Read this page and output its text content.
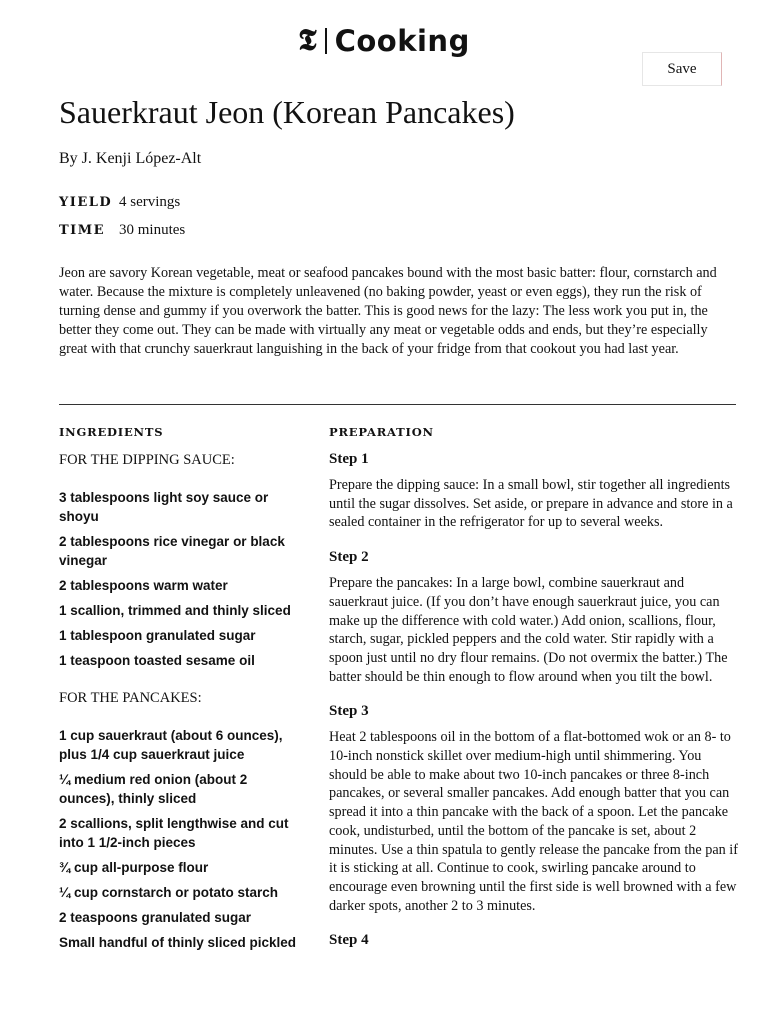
𝕿 Cooking
Save
Sauerkraut Jeon (Korean Pancakes)
By J. Kenji López-Alt
YIELD 4 servings
TIME 30 minutes

Jeon are savory Korean vegetable, meat or seafood pancakes bound with the most basic batter: flour, cornstarch and water. Because the mixture is completely unleavened (no baking powder, yeast or even eggs), they run the risk of turning dense and gummy if you overwork the batter. This is good news for the lazy: The less work you put in, the better they come out. They can be made with virtually any meat or vegetable odds and ends, but they’re especially great with that crunchy sauerkraut languishing in the back of your fridge from that cookout you had last year.

INGREDIENTS	PREPARATION
FOR THE DIPPING SAUCE:
3 tablespoons light soy sauce or shoyu
2 tablespoons rice vinegar or black vinegar
2 tablespoons warm water
1 scallion, trimmed and thinly sliced
1 tablespoon granulated sugar
1 teaspoon toasted sesame oil
FOR THE PANCAKES:
1 cup sauerkraut (about 6 ounces), plus 1/4 cup sauerkraut juice
¼ medium red onion (about 2 ounces), thinly sliced
2 scallions, split lengthwise and cut into 1 1/2-inch pieces
¾ cup all-purpose flour
¼ cup cornstarch or potato starch
2 teaspoons granulated sugar
Small handful of thinly sliced pickled
Step 1

Prepare the dipping sauce: In a small bowl, stir together all ingredients until the sugar dissolves. Set aside, or prepare in advance and store in a sealed container in the refrigerator for up to several weeks.

Step 2

Prepare the pancakes: In a large bowl, combine sauerkraut and sauerkraut juice. (If you don’t have enough sauerkraut juice, you can make up the difference with cold water.) Add onion, scallions, flour, starch, sugar, pickled peppers and the cold water. Stir rapidly with a spoon just until no dry flour remains. (Do not overmix the batter.) The batter should be thin enough to flow around when you tilt the bowl.

Step 3

Heat 2 tablespoons oil in the bottom of a flat-bottomed wok or an 8- to 10-inch nonstick skillet over medium-high until shimmering. You should be able to make about two 10-inch pancakes or three 8-inch pancakes, or several smaller pancakes. Add enough batter that you can spread it into a thin pancake with the back of a spoon. Let the pancake cook, undisturbed, until the bottom of the pancake is set, about 2 minutes. Use a thin spatula to gently release the pancake from the pan if it is sticking at all. Continue to cook, swirling pancake around to encourage even browning until the first side is well browned with a few darker spots, another 2 to 3 minutes.

Step 4
